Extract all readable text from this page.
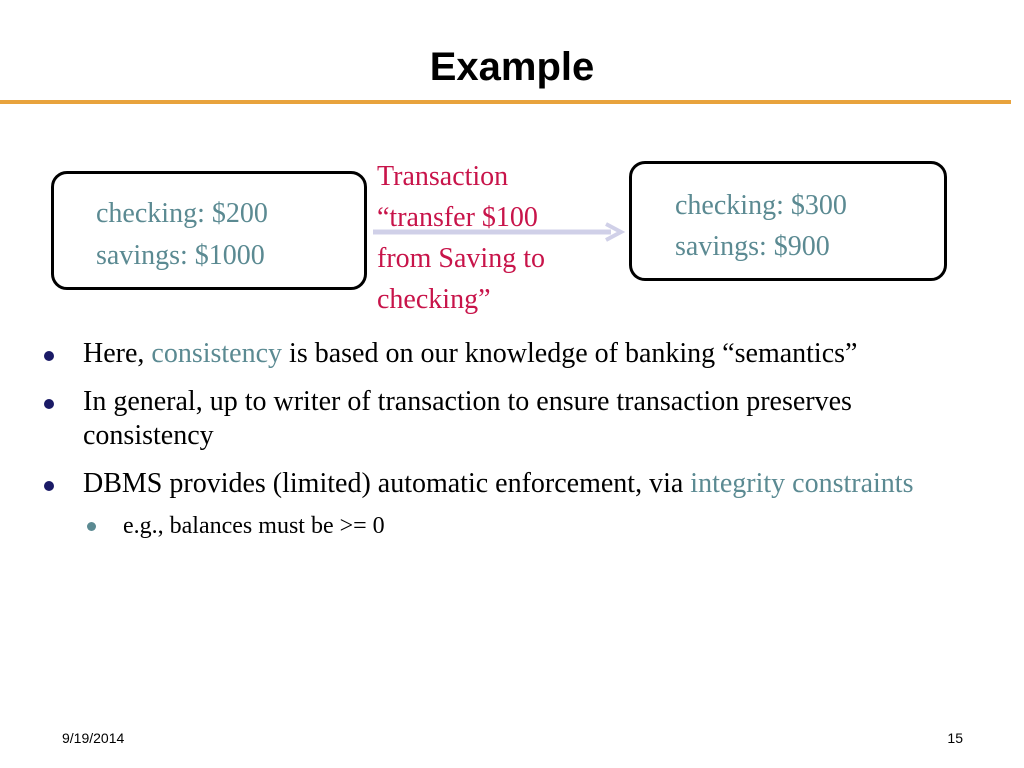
Example
checking: $200
savings: $1000
Transaction
“transfer $100
from Saving to
checking”
checking: $300
savings: $900
Here, consistency is based on our knowledge of banking “semantics”
In general, up to writer of transaction to ensure transaction preserves consistency
DBMS provides (limited) automatic enforcement, via integrity constraints
e.g., balances must be >= 0
9/19/2014	15
